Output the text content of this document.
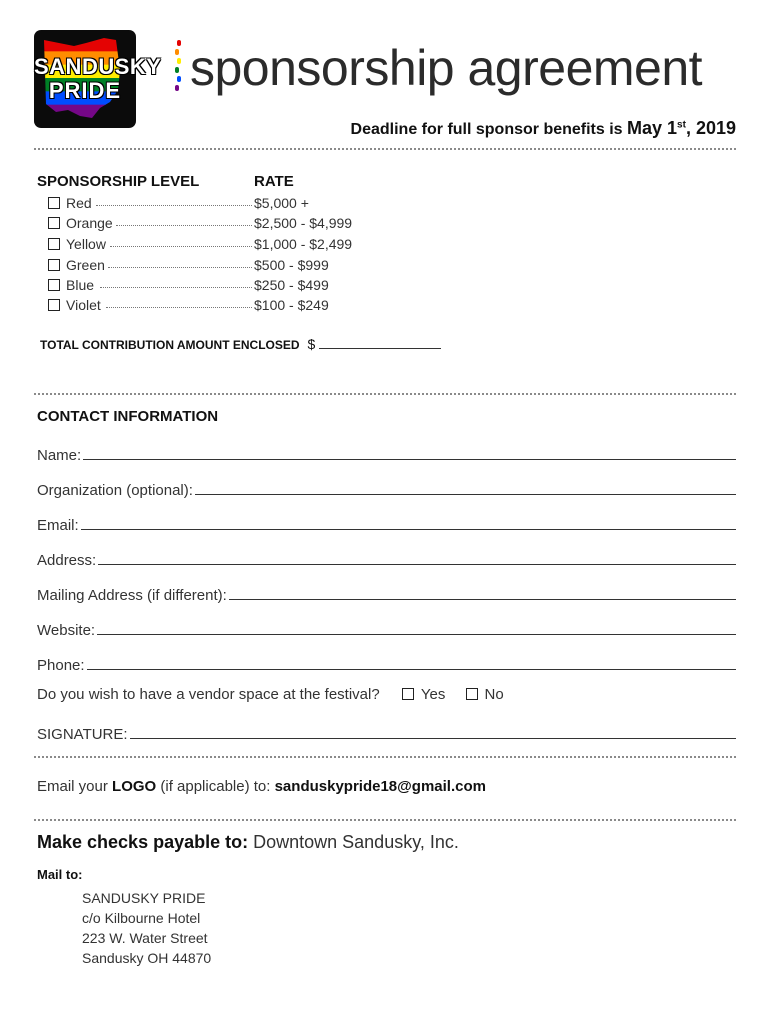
SANDUSKY
PRIDE sponsorship agreement
Deadline for full sponsor benefits is May 1st, 2019
SPONSORSHIP LEVEL	RATE
Red	$5,000 +
Orange	$2,500 - $4,999
Yellow	$1,000 - $2,499
Green	$500 - $999
Blue	$250 - $499
Violet	$100 - $249
TOTAL CONTRIBUTION AMOUNT ENCLOSED $
CONTACT INFORMATION
Name:
Organization (optional):
Email:
Address:
Mailing Address (if different):
Website:
Phone:
Do you wish to have a vendor space at the festival?	Yes	No
SIGNATURE:
Email your LOGO (if applicable) to: sanduskypride18@gmail.com
Make checks payable to: Downtown Sandusky, Inc.
Mail to:
SANDUSKY PRIDE
c/o Kilbourne Hotel
223 W. Water Street
Sandusky OH 44870
